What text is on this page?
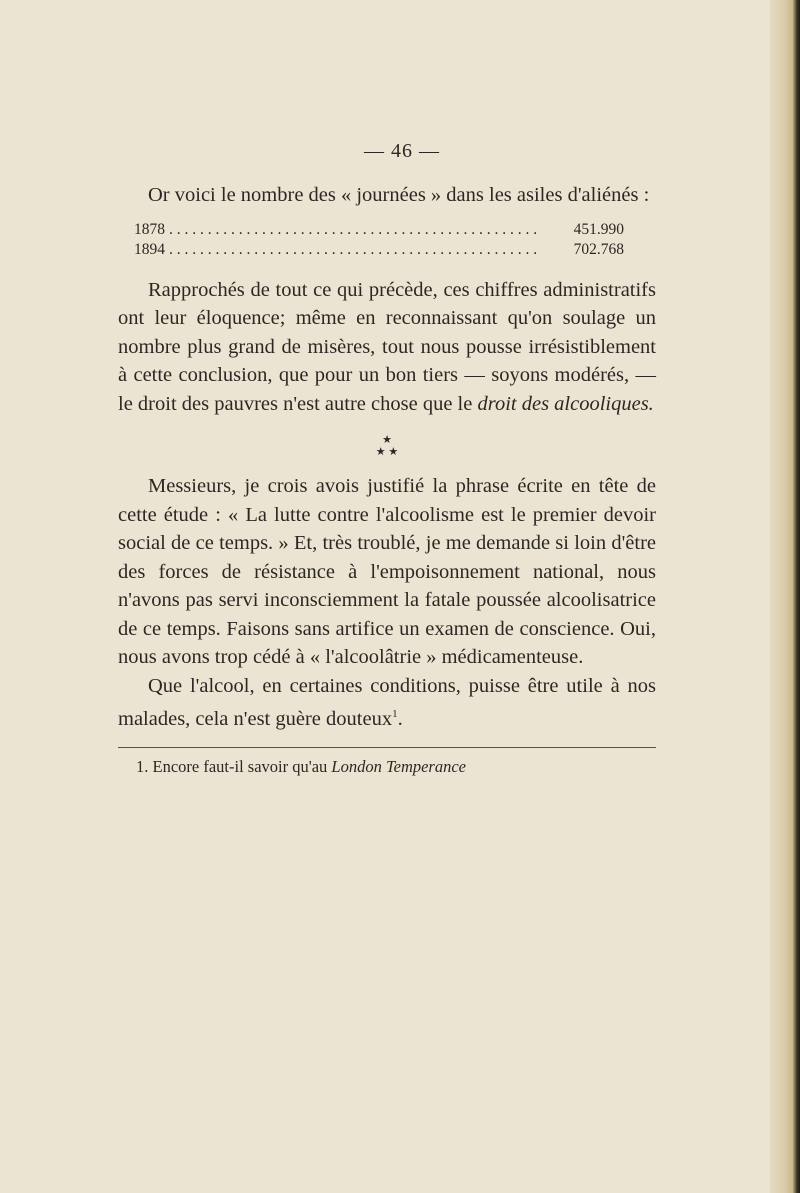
— 46 —

Or voici le nombre des « journées » dans les asiles d'aliénés :

1878 . . .	451.990
1894 . . .	702.768

Rapprochés de tout ce qui précède, ces chiffres administratifs ont leur éloquence; même en reconnaissant qu'on soulage un nombre plus grand de misères, tout nous pousse irrésistiblement à cette conclusion, que pour un bon tiers — soyons modérés, — le droit des pauvres n'est autre chose que le droit des alcooliques.

★
★ ★

Messieurs, je crois avois justifié la phrase écrite en tête de cette étude : « La lutte contre l'alcoolisme est le premier devoir social de ce temps. » Et, très troublé, je me demande si loin d'être des forces de résistance à l'empoisonnement national, nous n'avons pas servi inconsciemment la fatale poussée alcoolisatrice de ce temps. Faisons sans artifice un examen de conscience. Oui, nous avons trop cédé à « l'alcoolâtrie » médicamenteuse.

Que l'alcool, en certaines conditions, puisse être utile à nos malades, cela n'est guère douteux$^1$.

1. Encore faut-il savoir qu'au London Temperance
